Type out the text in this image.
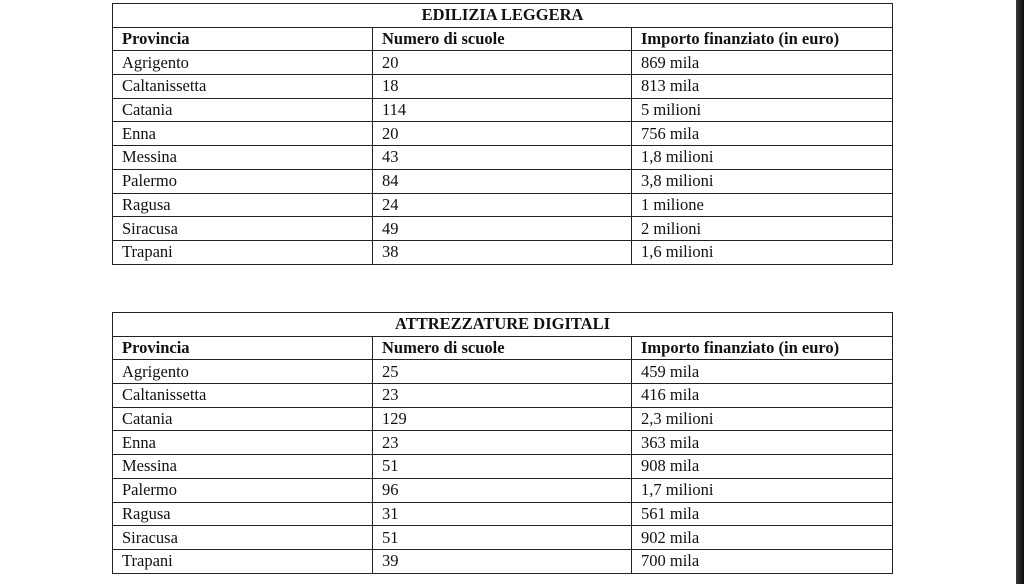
EDILIZIA LEGGERA		
Provincia	Numero di scuole	Importo finanziato (in euro)
Agrigento	20	869 mila
Caltanissetta	18	813 mila
Catania	114	5 milioni
Enna	20	756 mila
Messina	43	1,8 milioni
Palermo	84	3,8 milioni
Ragusa	24	1 milione
Siracusa	49	2 milioni
Trapani	38	1,6 milioni
ATTREZZATURE DIGITALI		
Provincia	Numero di scuole	Importo finanziato (in euro)
Agrigento	25	459 mila
Caltanissetta	23	416 mila
Catania	129	2,3 milioni
Enna	23	363 mila
Messina	51	908 mila
Palermo	96	1,7 milioni
Ragusa	31	561 mila
Siracusa	51	902 mila
Trapani	39	700 mila
